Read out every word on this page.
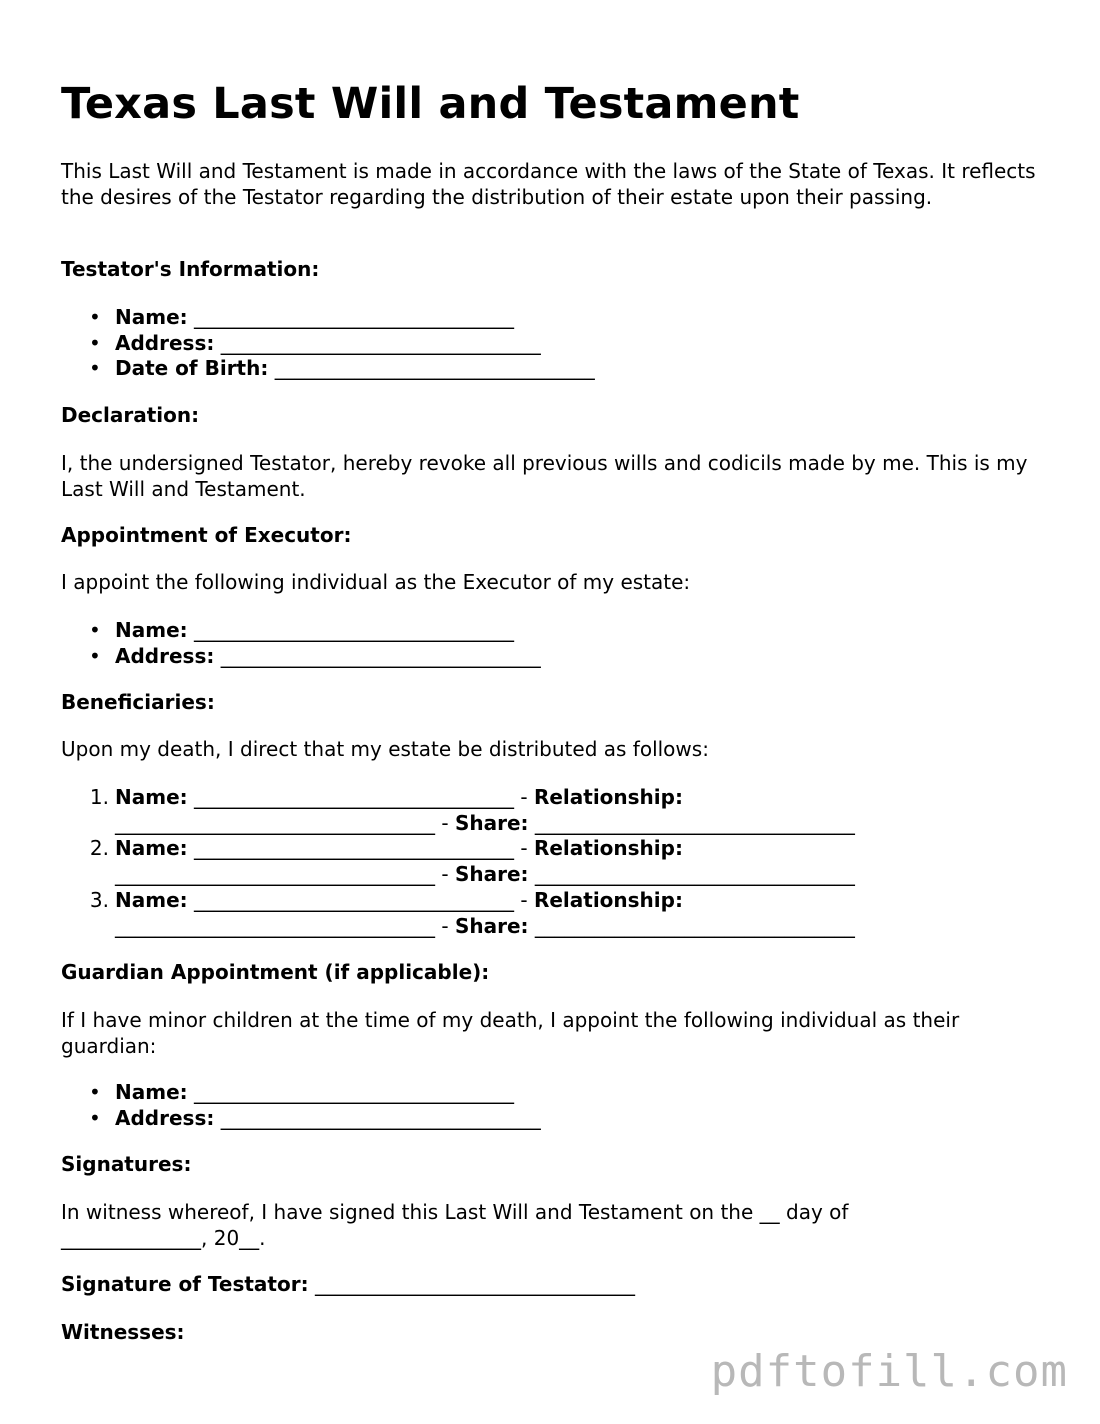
Texas Last Will and Testament
This Last Will and Testament is made in accordance with the laws of the State of Texas. It reflects the desires of the Testator regarding the distribution of their estate upon their passing.
Testator's Information:
• Name: ________________________________
• Address: ________________________________
• Date of Birth: ________________________________
Declaration:
I, the undersigned Testator, hereby revoke all previous wills and codicils made by me. This is my Last Will and Testament.
Appointment of Executor:
I appoint the following individual as the Executor of my estate:
• Name: ________________________________
• Address: ________________________________
Beneficiaries:
Upon my death, I direct that my estate be distributed as follows:
1. Name: ________________________________ - Relationship:
________________________________ - Share: ________________________________
2. Name: ________________________________ - Relationship:
________________________________ - Share: ________________________________
3. Name: ________________________________ - Relationship:
________________________________ - Share: ________________________________
Guardian Appointment (if applicable):
If I have minor children at the time of my death, I appoint the following individual as their guardian:
• Name: ________________________________
• Address: ________________________________
Signatures:
In witness whereof, I have signed this Last Will and Testament on the __ day of ______________, 20__.
Signature of Testator: ________________________________
Witnesses:
pdftofill.com
